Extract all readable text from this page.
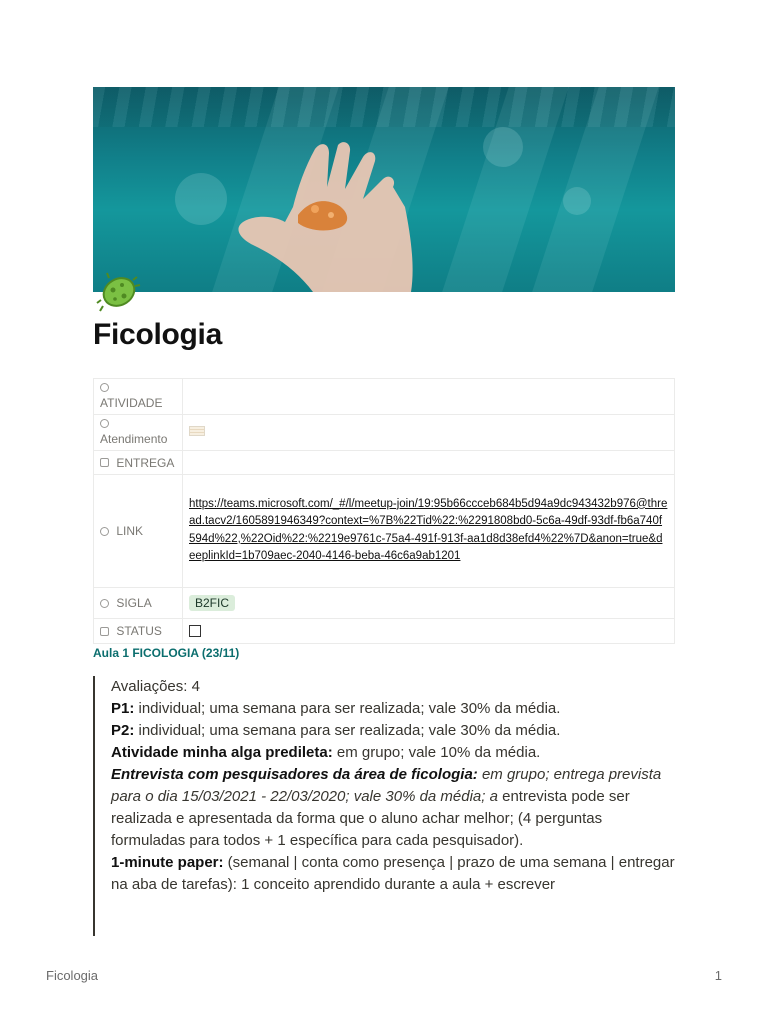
Ficologia
ATIVIDADE	

Atendimento	
ENTREGA	
LINK	https://teams.microsoft.com/_#/l/meetup-join/19:95b66ccceb684b5d94a9dc943432b976@thread.tacv2/1605891946349?context=%7B%22Tid%22:%2291808bd0-5c6a-49df-93df-fb6a740f594d%22,%22Oid%22:%2219e9761c-75a4-491f-913f-aa1d8d38efd4%22%7D&anon=true&deeplinkId=1b709aec-2040-4146-beba-46c6a9ab1201

SIGLA	B2FIC
STATUS	
Aula 1 FICOLOGIA (23/11)

Avaliações: 4

P1: individual; uma semana para ser realizada; vale 30% da média.

P2: individual; uma semana para ser realizada; vale 30% da média.

Atividade minha alga predileta: em grupo; vale 10% da média.

Entrevista com pesquisadores da área de ficologia: em grupo; entrega prevista para o dia 15/03/2021 - 22/03/2020; vale 30% da média; a entrevista pode ser realizada e apresentada da forma que o aluno achar melhor; (4 perguntas formuladas para todos + 1 específica para cada pesquisador).

1-minute paper: (semanal | conta como presença | prazo de uma semana | entregar na aba de tarefas): 1 conceito aprendido durante a aula + escrever

Ficologia	1
